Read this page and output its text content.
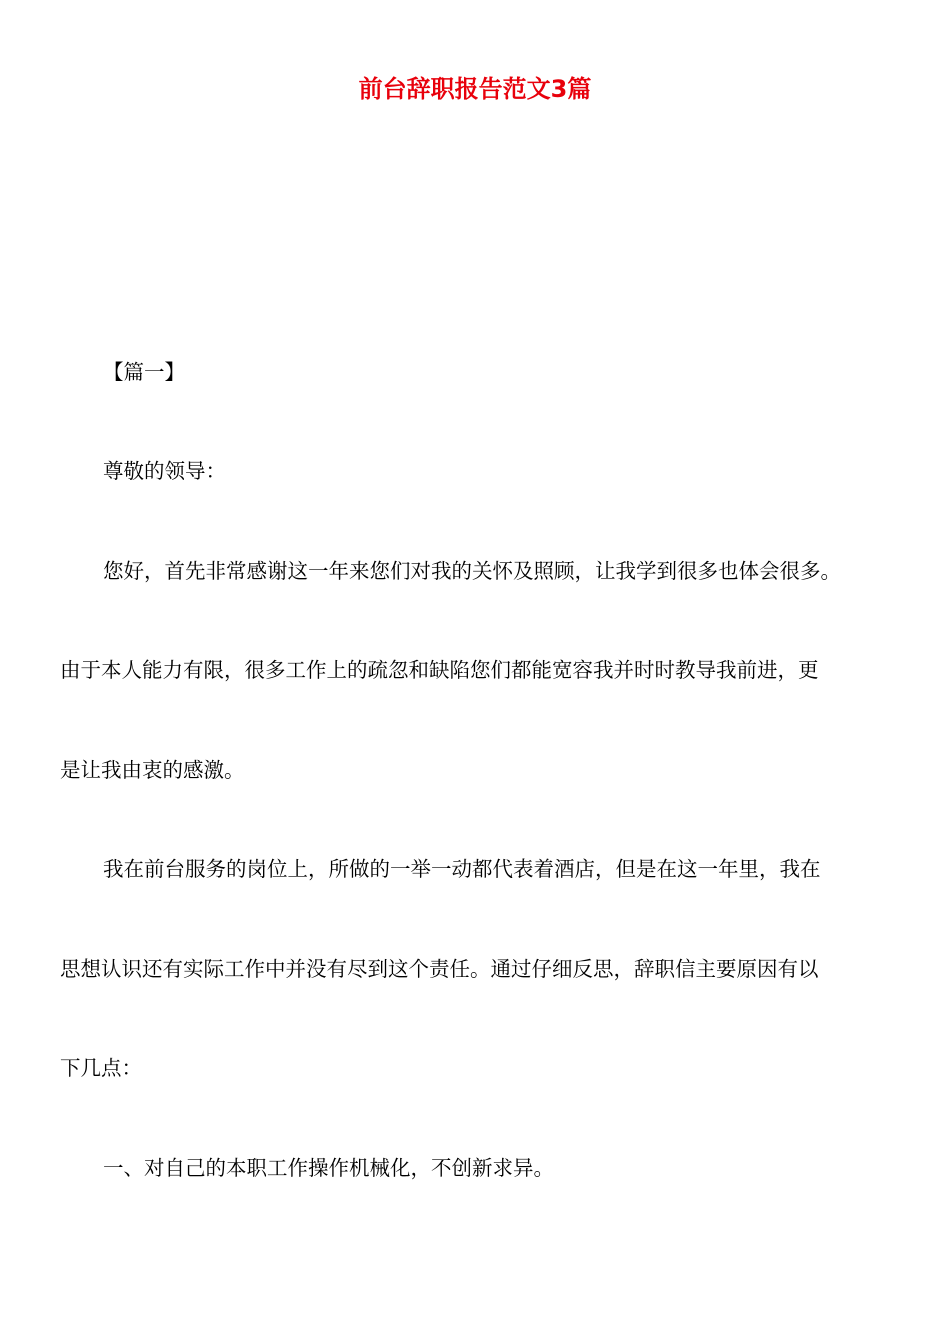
前台辞职报告范文3篇

【篇一】

尊敬的领导：

您好，首先非常感谢这一年来您们对我的关怀及照顾，让我学到很多也体会很多。

由于本人能力有限，很多工作上的疏忽和缺陷您们都能宽容我并时时教导我前进，更

是让我由衷的感激。

我在前台服务的岗位上，所做的一举一动都代表着酒店，但是在这一年里，我在

思想认识还有实际工作中并没有尽到这个责任。通过仔细反思，辞职信主要原因有以

下几点：

一、对自己的本职工作操作机械化，不创新求异。
